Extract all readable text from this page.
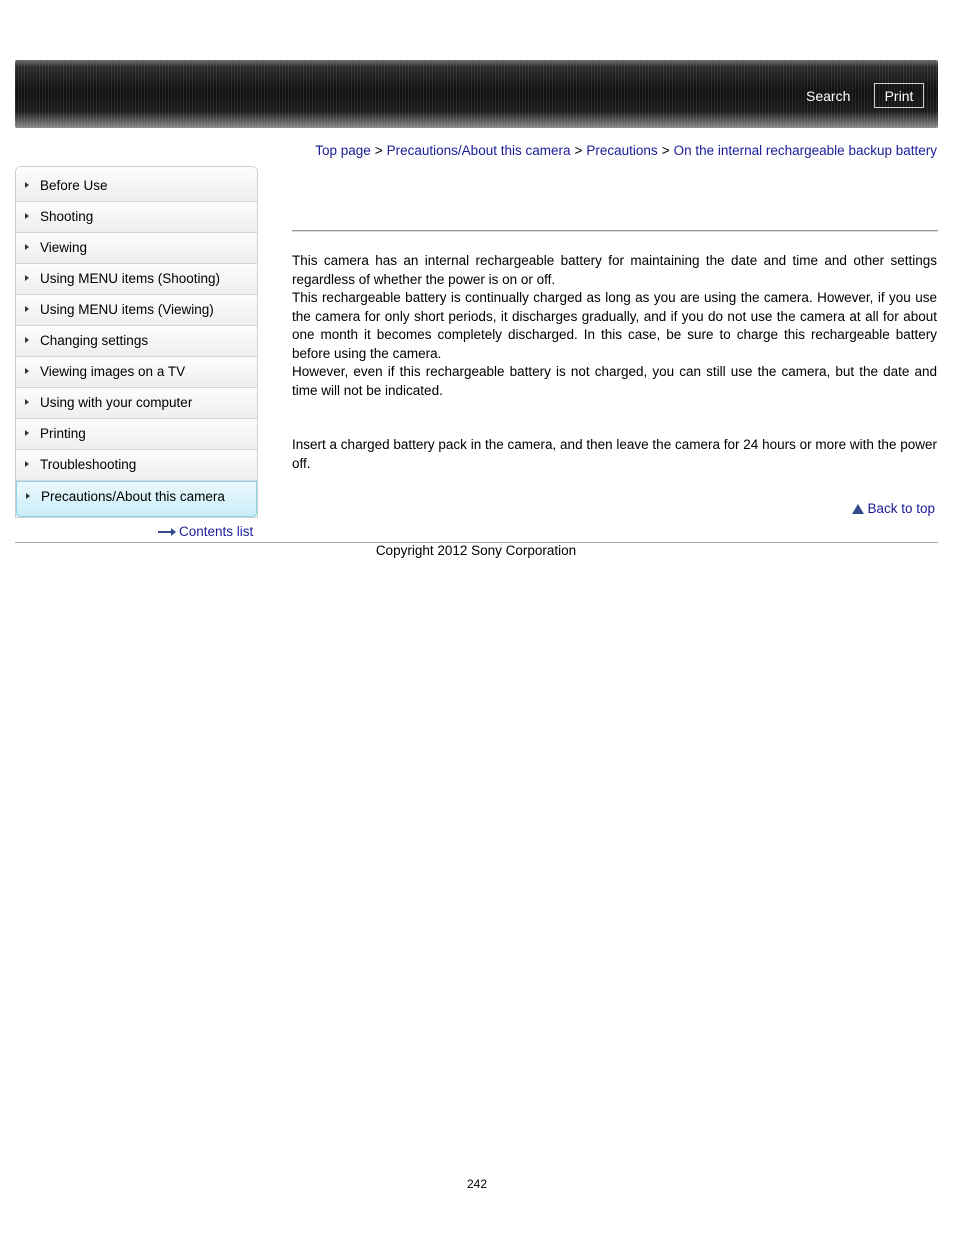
Search	Print
Top page > Precautions/About this camera > Precautions > On the internal rechargeable backup battery
Before Use
Shooting
Viewing
Using MENU items (Shooting)
Using MENU items (Viewing)
Changing settings
Viewing images on a TV
Using with your computer
Printing
Troubleshooting
Precautions/About this camera
Contents list

This camera has an internal rechargeable battery for maintaining the date and time and other settings regardless of whether the power is on or off.

This rechargeable battery is continually charged as long as you are using the camera. However, if you use the camera for only short periods, it discharges gradually, and if you do not use the camera at all for about one month it becomes completely discharged. In this case, be sure to charge this rechargeable battery before using the camera.

However, even if this rechargeable battery is not charged, you can still use the camera, but the date and time will not be indicated.

Insert a charged battery pack in the camera, and then leave the camera for 24 hours or more with the power off.

Back to top
Copyright 2012 Sony Corporation
242
